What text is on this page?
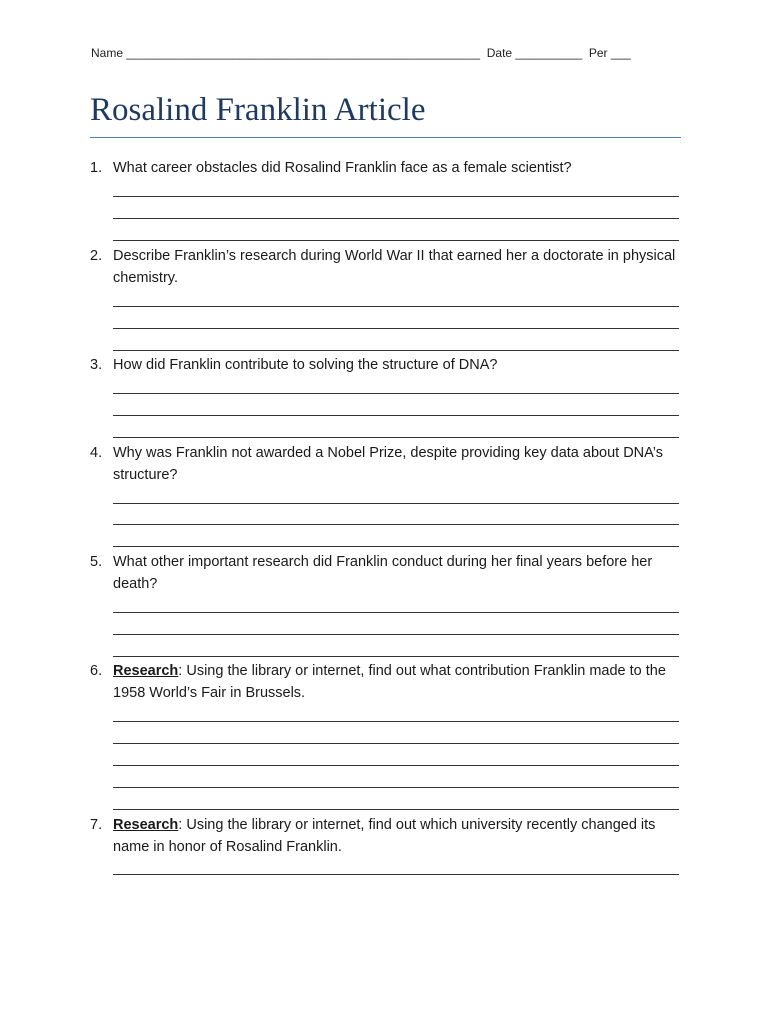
Name _____________________________________________________  Date __________  Per ___
Rosalind Franklin Article
1. What career obstacles did Rosalind Franklin face as a female scientist?
2. Describe Franklin’s research during World War II that earned her a doctorate in physical chemistry.
3. How did Franklin contribute to solving the structure of DNA?
4. Why was Franklin not awarded a Nobel Prize, despite providing key data about DNA’s structure?
5. What other important research did Franklin conduct during her final years before her death?
6. Research: Using the library or internet, find out what contribution Franklin made to the 1958 World’s Fair in Brussels.
7. Research: Using the library or internet, find out which university recently changed its name in honor of Rosalind Franklin.
